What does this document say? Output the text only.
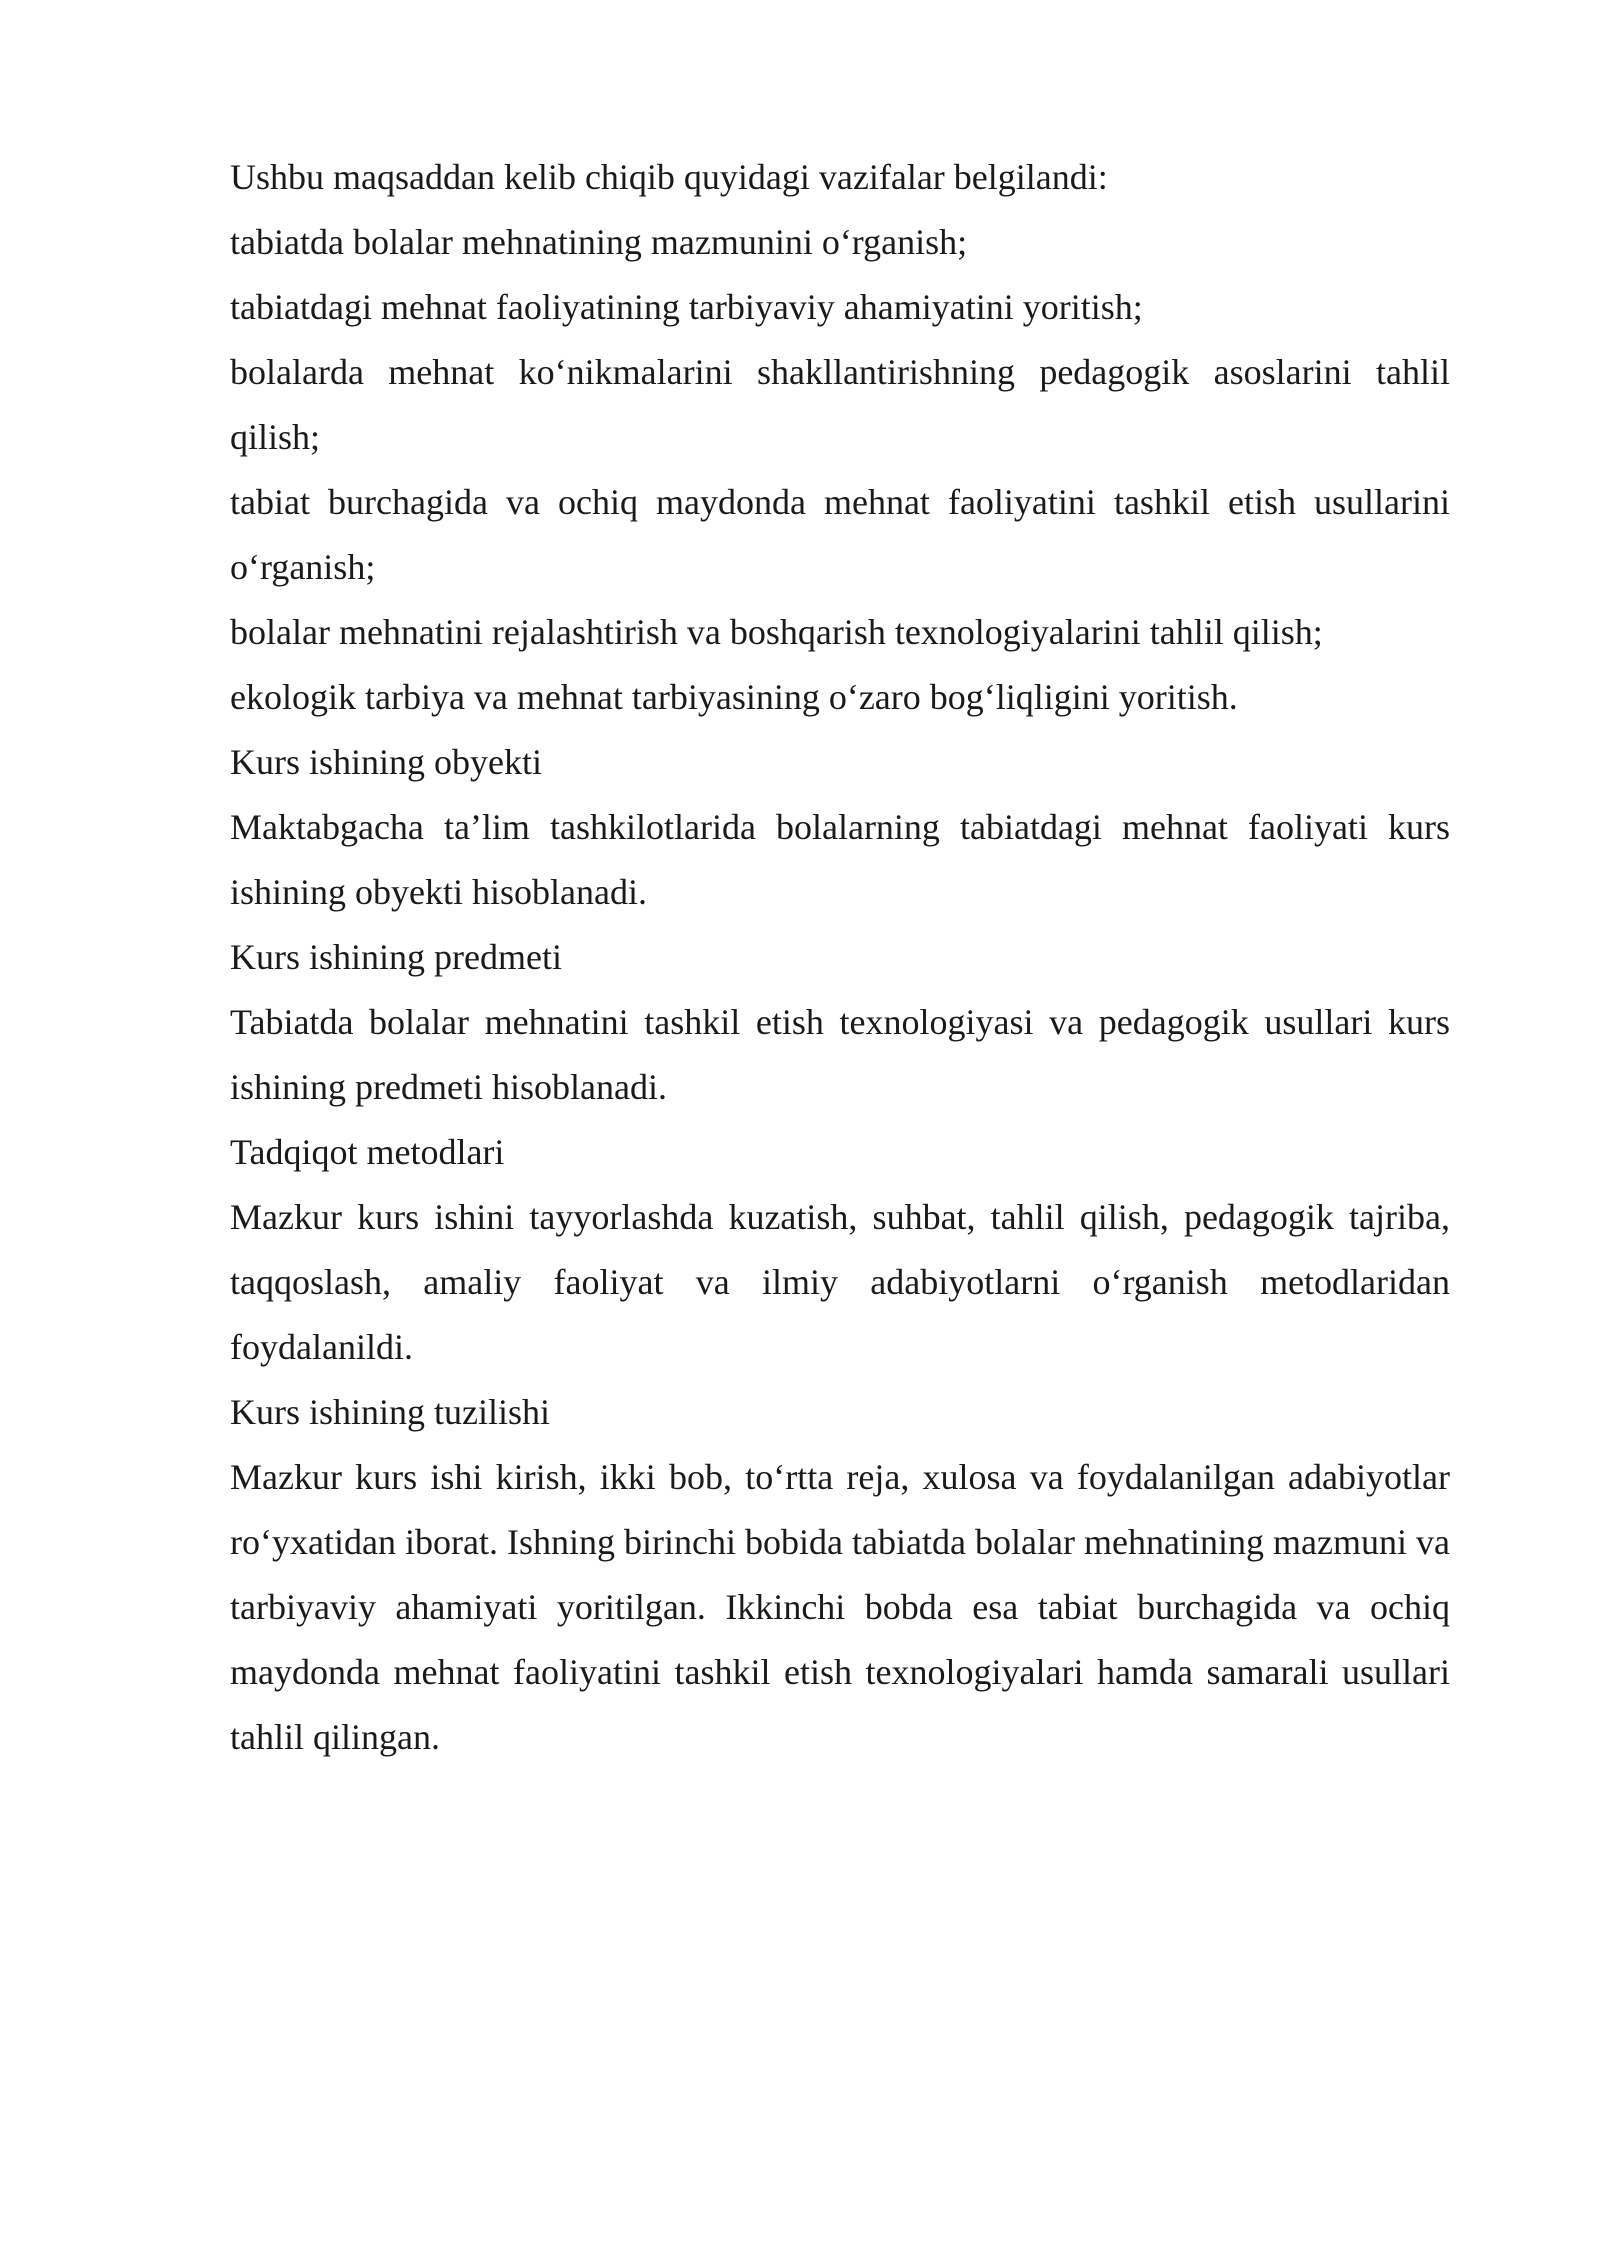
Ushbu maqsaddan kelib chiqib quyidagi vazifalar belgilandi:

tabiatda bolalar mehnatining mazmunini o‘rganish;

tabiatdagi mehnat faoliyatining tarbiyaviy ahamiyatini yoritish;

bolalarda mehnat ko‘nikmalarini shakllantirishning pedagogik asoslarini tahlil qilish;

tabiat burchagida va ochiq maydonda mehnat faoliyatini tashkil etish usullarini o‘rganish;

bolalar mehnatini rejalashtirish va boshqarish texnologiyalarini tahlil qilish;

ekologik tarbiya va mehnat tarbiyasining o‘zaro bog‘liqligini yoritish.

Kurs ishining obyekti

Maktabgacha ta’lim tashkilotlarida bolalarning tabiatdagi mehnat faoliyati kurs ishining obyekti hisoblanadi.

Kurs ishining predmeti

Tabiatda bolalar mehnatini tashkil etish texnologiyasi va pedagogik usullari kurs ishining predmeti hisoblanadi.

Tadqiqot metodlari

Mazkur kurs ishini tayyorlashda kuzatish, suhbat, tahlil qilish, pedagogik tajriba, taqqoslash, amaliy faoliyat va ilmiy adabiyotlarni o‘rganish metodlaridan foydalanildi.

Kurs ishining tuzilishi

Mazkur kurs ishi kirish, ikki bob, to‘rtta reja, xulosa va foydalanilgan adabiyotlar ro‘yxatidan iborat. Ishning birinchi bobida tabiatda bolalar mehnatining mazmuni va tarbiyaviy ahamiyati yoritilgan. Ikkinchi bobda esa tabiat burchagida va ochiq maydonda mehnat faoliyatini tashkil etish texnologiyalari hamda samarali usullari tahlil qilingan.
